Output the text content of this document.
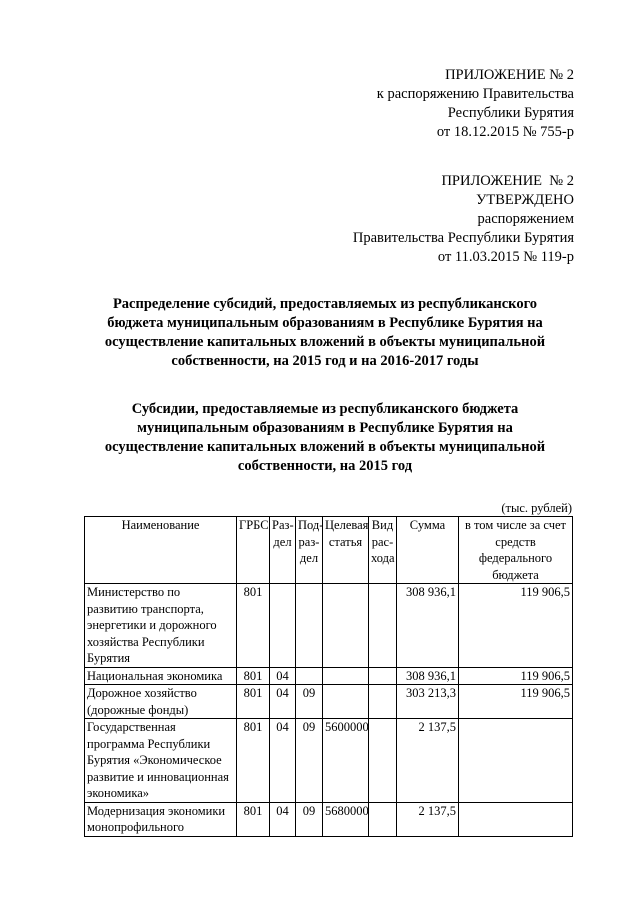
ПРИЛОЖЕНИЕ № 2
к распоряжению Правительства
Республики Бурятия
от 18.12.2015 № 755-р
ПРИЛОЖЕНИЕ  № 2
УТВЕРЖДЕНО
распоряжением
Правительства Республики Бурятия
от 11.03.2015 № 119-р
Распределение субсидий, предоставляемых из республиканского
бюджета муниципальным образованиям в Республике Бурятия на
осуществление капитальных вложений в объекты муниципальной
собственности, на 2015 год и на 2016-2017 годы
Субсидии, предоставляемые из республиканского бюджета
муниципальным образованиям в Республике Бурятия на
осуществление капитальных вложений в объекты муниципальной
собственности, на 2015 год
(тыс. рублей)
Наименование	ГРБС	Раз-дел	Под-раз-дел	Целевая статья	Вид рас-хода	Сумма	в том числе за счет средств федерального бюджета
Министерство по развитию транспорта, энергетики и дорожного хозяйства Республики Бурятия	801					308 936,1	119 906,5
Национальная экономика	801	04				308 936,1	119 906,5
Дорожное хозяйство (дорожные фонды)	801	04	09			303 213,3	119 906,5
Государственная программа Республики Бурятия «Экономическое развитие и инновационная экономика»	801	04	09	5600000		2 137,5	
Модернизация экономики монопрофильного	801	04	09	5680000		2 137,5	
